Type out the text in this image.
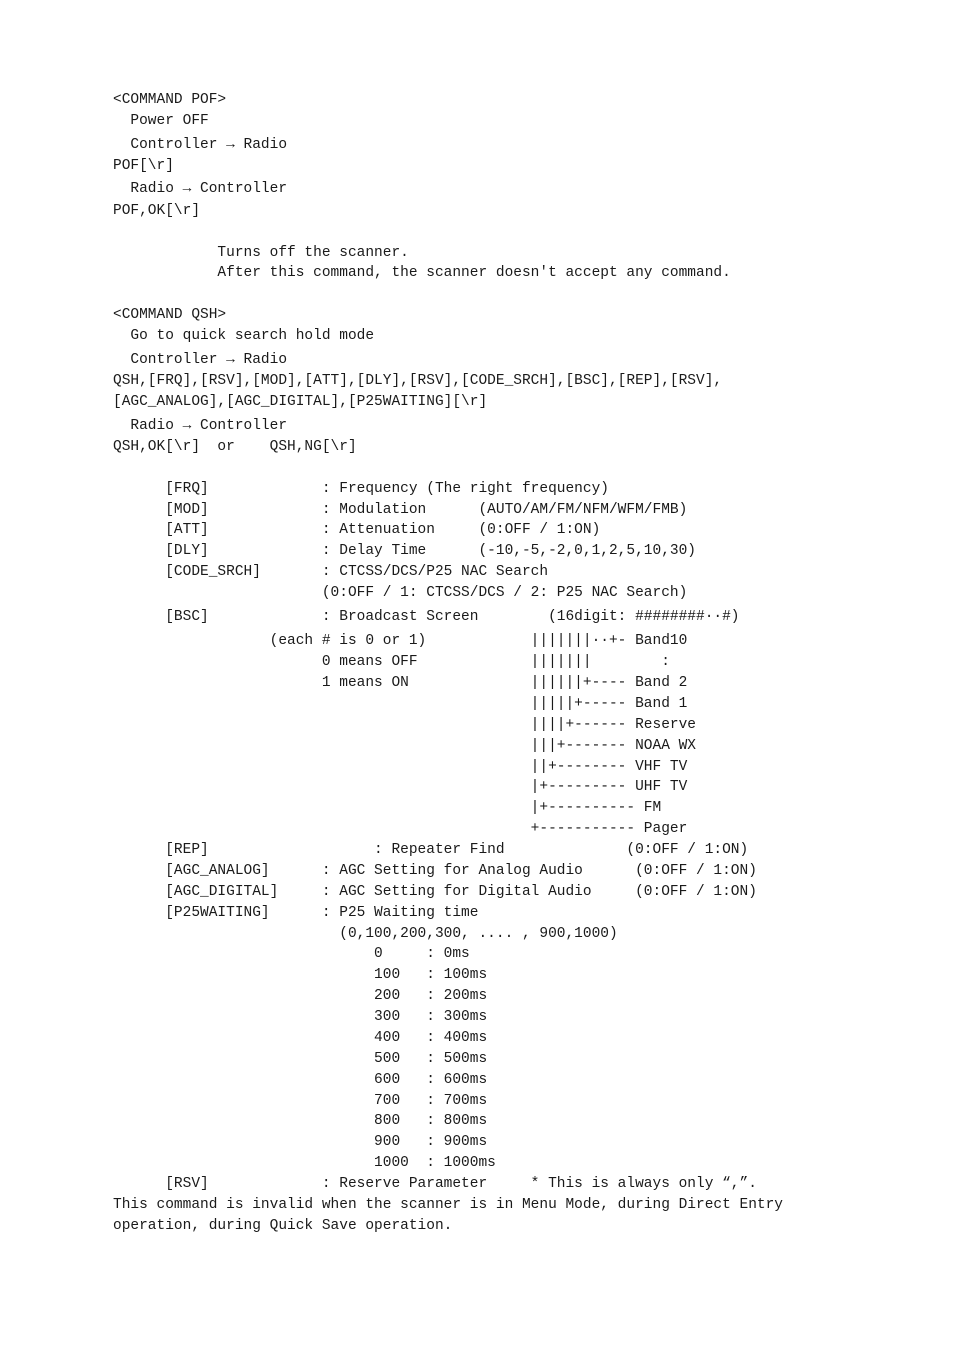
<COMMAND POF>
Power OFF
Controller → Radio
POF[\r]
Radio → Controller
POF,OK[\r]
Turns off the scanner.
After this command, the scanner doesn't accept any command.
<COMMAND QSH>
Go to quick search hold mode
Controller → Radio
QSH,[FRQ],[RSV],[MOD],[ATT],[DLY],[RSV],[CODE_SRCH],[BSC],[REP],[RSV],
[AGC_ANALOG],[AGC_DIGITAL],[P25WAITING][\r]
Radio → Controller
QSH,OK[\r]  or    QSH,NG[\r]
[FRQ]             : Frequency (The right frequency)
[MOD]             : Modulation      (AUTO/AM/FM/NFM/WFM/FMB)
[ATT]             : Attenuation     (0:OFF / 1:ON)
[DLY]             : Delay Time      (-10,-5,-2,0,1,2,5,10,30)
[CODE_SRCH]       : CTCSS/DCS/P25 NAC Search
(0:OFF / 1: CTCSS/DCS / 2: P25 NAC Search)
[BSC]             : Broadcast Screen        (16digit: ########··#)
(each # is 0 or 1)            |||||||··+- Band10
0 means OFF             |||||||        :
1 means ON              ||||||+---- Band 2
|||||+----- Band 1
||||+------ Reserve
|||+------- NOAA WX
||+-------- VHF TV
|+--------- UHF TV
|+---------- FM
+----------- Pager
[REP]                   : Repeater Find              (0:OFF / 1:ON)
[AGC_ANALOG]      : AGC Setting for Analog Audio      (0:OFF / 1:ON)
[AGC_DIGITAL]     : AGC Setting for Digital Audio     (0:OFF / 1:ON)
[P25WAITING]      : P25 Waiting time
(0,100,200,300, .... , 900,1000)
0     : 0ms
100   : 100ms
200   : 200ms
300   : 300ms
400   : 400ms
500   : 500ms
600   : 600ms
700   : 700ms
800   : 800ms
900   : 900ms
1000  : 1000ms
[RSV]             : Reserve Parameter     * This is always only “,”.
This command is invalid when the scanner is in Menu Mode, during Direct Entry
operation, during Quick Save operation.
